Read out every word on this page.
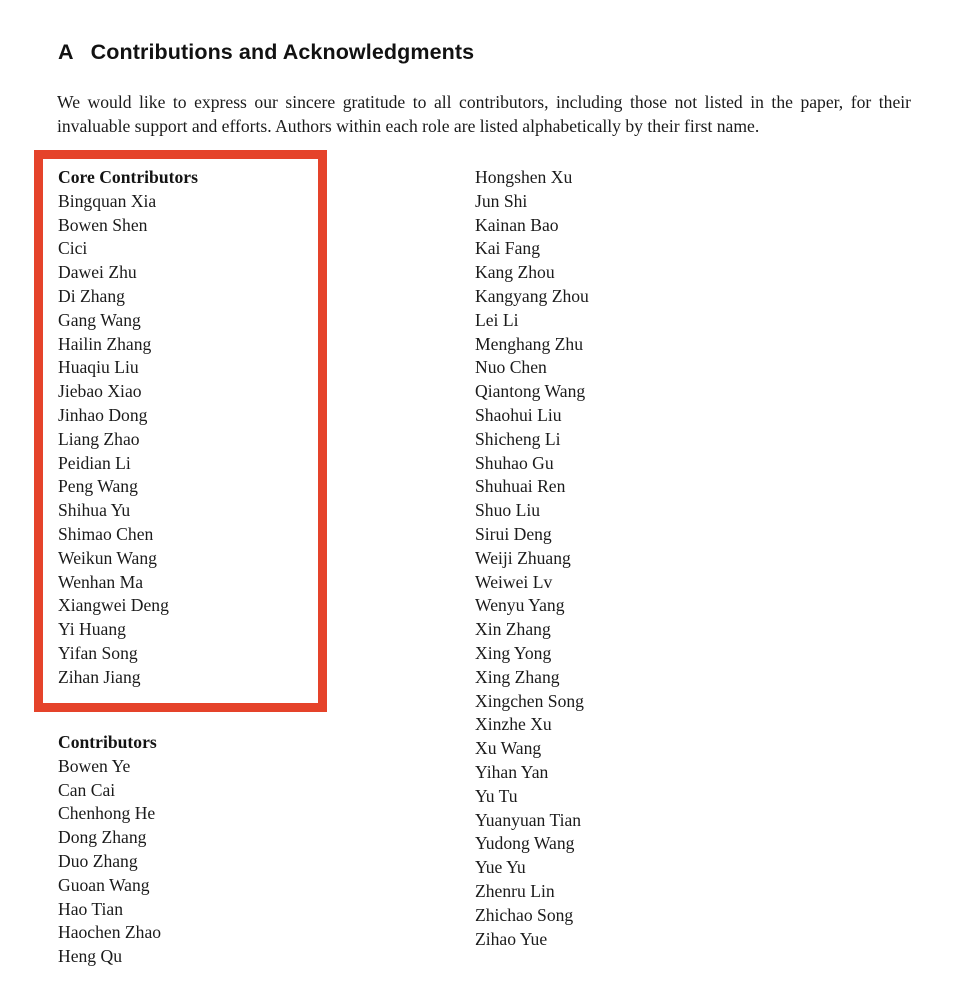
A Contributions and Acknowledgments

We would like to express our sincere gratitude to all contributors, including those not listed in the paper, for their invaluable support and efforts. Authors within each role are listed alphabetically by their first name.

Core Contributors
Bingquan Xia
Bowen Shen
Cici
Dawei Zhu
Di Zhang
Gang Wang
Hailin Zhang
Huaqiu Liu
Jiebao Xiao
Jinhao Dong
Liang Zhao
Peidian Li
Peng Wang
Shihua Yu
Shimao Chen
Weikun Wang
Wenhan Ma
Xiangwei Deng
Yi Huang
Yifan Song
Zihan Jiang
Contributors
Bowen Ye
Can Cai
Chenhong He
Dong Zhang
Duo Zhang
Guoan Wang
Hao Tian
Haochen Zhao
Heng Qu
Hongshen Xu
Jun Shi
Kainan Bao
Kai Fang
Kang Zhou
Kangyang Zhou
Lei Li
Menghang Zhu
Nuo Chen
Qiantong Wang
Shaohui Liu
Shicheng Li
Shuhao Gu
Shuhuai Ren
Shuo Liu
Sirui Deng
Weiji Zhuang
Weiwei Lv
Wenyu Yang
Xin Zhang
Xing Yong
Xing Zhang
Xingchen Song
Xinzhe Xu
Xu Wang
Yihan Yan
Yu Tu
Yuanyuan Tian
Yudong Wang
Yue Yu
Zhenru Lin
Zhichao Song
Zihao Yue
